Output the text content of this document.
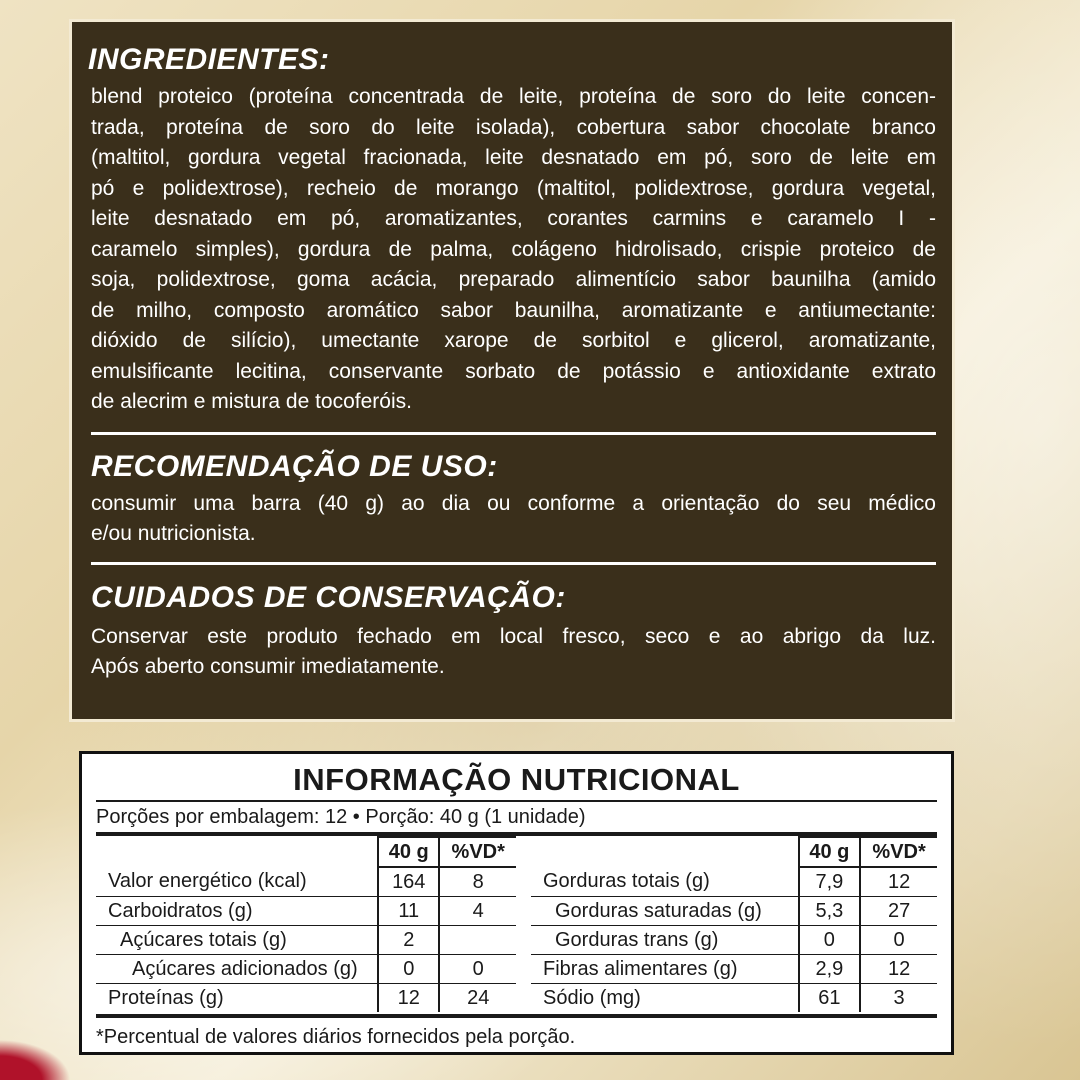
INGREDIENTES:
blend proteico (proteína concentrada de leite, proteína de soro do leite concen-
trada, proteína de soro do leite isolada), cobertura sabor chocolate branco
(maltitol, gordura vegetal fracionada, leite desnatado em pó, soro de leite em
pó e polidextrose), recheio de morango (maltitol, polidextrose, gordura vegetal,
leite desnatado em pó, aromatizantes, corantes carmins e caramelo I -
caramelo simples), gordura de palma, colágeno hidrolisado, crispie proteico de
soja, polidextrose, goma acácia, preparado alimentício sabor baunilha (amido
de milho, composto aromático sabor baunilha, aromatizante e antiumectante:
dióxido de silício), umectante xarope de sorbitol e glicerol, aromatizante,
emulsificante lecitina, conservante sorbato de potássio e antioxidante extrato
de alecrim e mistura de tocoferóis.
RECOMENDAÇÃO DE USO:
consumir uma barra (40 g) ao dia ou conforme a orientação do seu médico
e/ou nutricionista.
CUIDADOS DE CONSERVAÇÃO:
Conservar este produto fechado em local fresco, seco e ao abrigo da luz.
Após aberto consumir imediatamente.
INFORMAÇÃO NUTRICIONAL
Porções por embalagem: 12 • Porção: 40 g (1 unidade)
	40 g	%VD*
Valor energético (kcal)	164	8
Carboidratos (g)	11	4
Açúcares totais (g)	2	
Açúcares adicionados (g)	0	0
Proteínas (g)	12	24
	40 g	%VD*
Gorduras totais (g)	7,9	12
Gorduras saturadas (g)	5,3	27
Gorduras trans (g)	0	0
Fibras alimentares (g)	2,9	12
Sódio (mg)	61	3
*Percentual de valores diários fornecidos pela porção.
